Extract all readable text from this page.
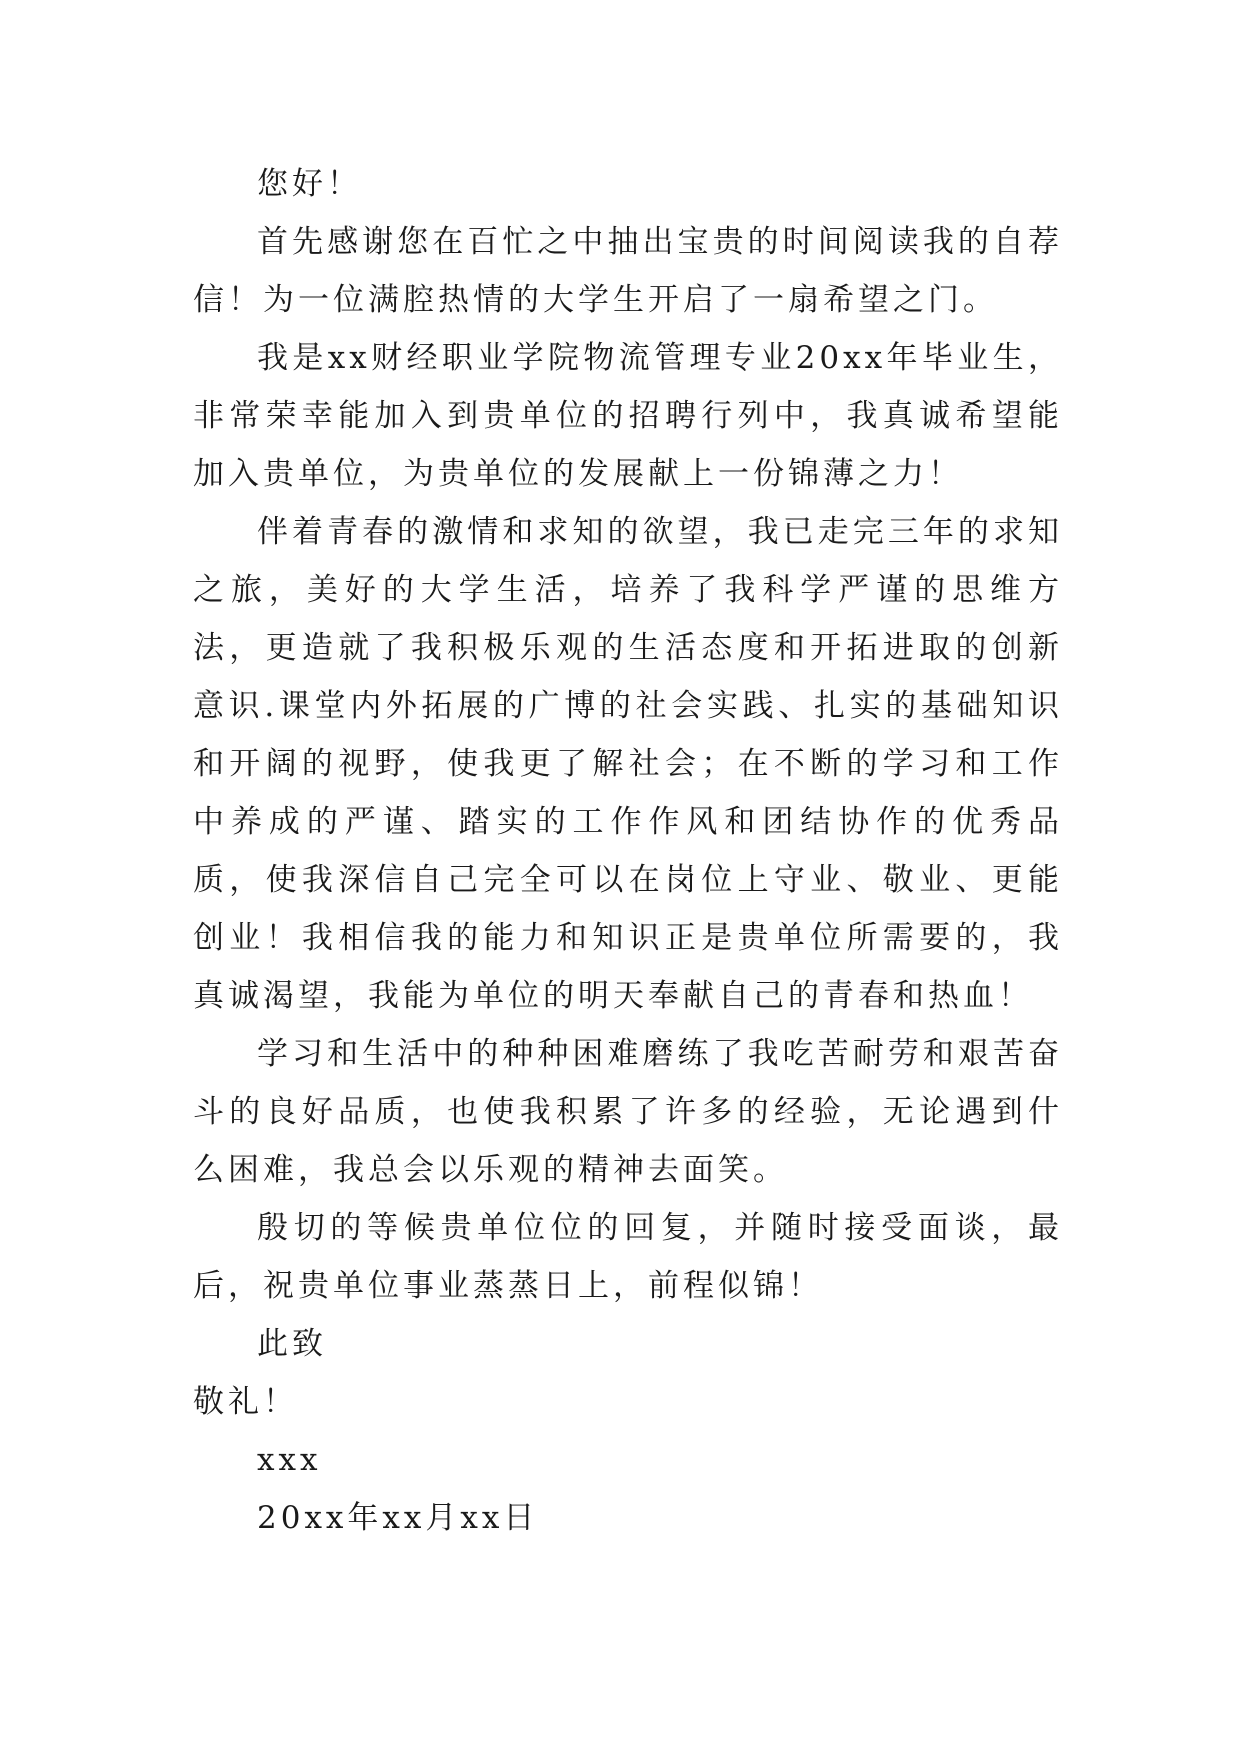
您好！

首先感谢您在百忙之中抽出宝贵的时间阅读我的自荐信！为一位满腔热情的大学生开启了一扇希望之门。

我是xx财经职业学院物流管理专业20xx年毕业生，非常荣幸能加入到贵单位的招聘行列中，我真诚希望能加入贵单位，为贵单位的发展献上一份锦薄之力！

伴着青春的激情和求知的欲望，我已走完三年的求知之旅，美好的大学生活，培养了我科学严谨的思维方法，更造就了我积极乐观的生活态度和开拓进取的创新意识.课堂内外拓展的广博的社会实践、扎实的基础知识和开阔的视野，使我更了解社会；在不断的学习和工作中养成的严谨、踏实的工作作风和团结协作的优秀品质，使我深信自己完全可以在岗位上守业、敬业、更能创业！我相信我的能力和知识正是贵单位所需要的，我真诚渴望，我能为单位的明天奉献自己的青春和热血！

学习和生活中的种种困难磨练了我吃苦耐劳和艰苦奋斗的良好品质，也使我积累了许多的经验，无论遇到什么困难，我总会以乐观的精神去面笑。

殷切的等候贵单位位的回复，并随时接受面谈，最后，祝贵单位事业蒸蒸日上，前程似锦！

此致

敬礼！

xxx

20xx年xx月xx日
